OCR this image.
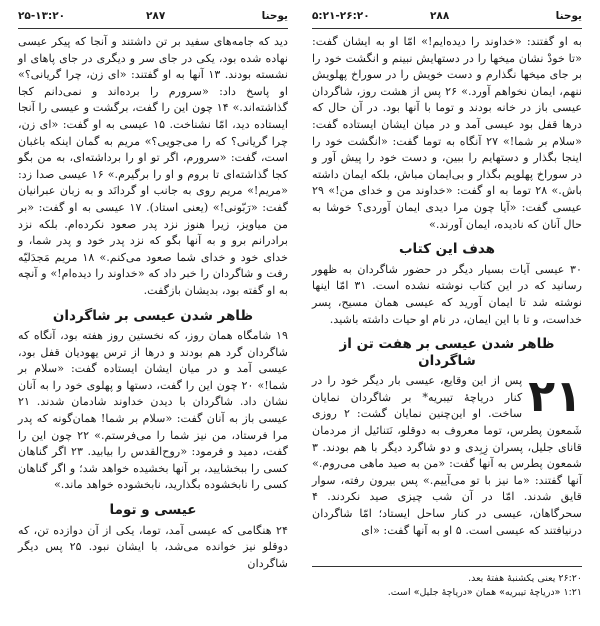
۲۵-۱۳:۲۰	۲۸۷	یوحنا

دید که جامه‌های سفید بر تن داشتند و آنجا که پیکر عیسی نهاده شده بود، یکی در جای سر و دیگری در جای پاهای او نشسته بودند. ۱۳ آنها به او گفتند: «ای زن، چرا گریانی؟» او پاسخ داد: «سرورم را برده‌اند و نمی‌دانم کجا گذاشته‌اند.» ۱۴ چون این را گفت، برگشت و عیسی را آنجا ایستاده دید، امّا نشناخت. ۱۵ عیسی به او گفت: «ای زن، چرا گریانی؟ که را می‌جویی؟» مریم به گمان اینکه باغبان است، گفت: «سرورم، اگر تو او را برداشته‌ای، به من بگو کجا گذاشته‌ای تا بروم و او را برگیرم.» ۱۶ عیسی صدا زد: «مریم!» مریم روی به جانب او گردانَد و به زبان عبرانیان گفت: «رَبّونی!» (یعنی استاد). ۱۷ عیسی به او گفت: «بر من میاویز، زیرا هنوز نزد پدر صعود نکرده‌ام. بلکه نزد برادرانم برو و به آنها بگو که نزد پدر خود و پدر شما، و خدای خود و خدای شما صعود می‌کنم.» ۱۸ مریم مَجدَلیّه رفت و شاگردان را خبر داد که «خداوند را دیده‌ام!» و آنچه به او گفته بود، بدیشان بازگفت.

ظاهر شدن عیسی بر شاگردان

۱۹ شامگاه همان روز، که نخستین روز هفته بود، آنگاه که شاگردان گرد هم بودند و درها از ترس یهودیان قفل بود، عیسی آمد و در میان ایشان ایستاده گفت: «سلام بر شما!» ۲۰ چون این را گفت، دستها و پهلوی خود را به آنان نشان داد. شاگردان با دیدن خداوند شادمان شدند. ۲۱ عیسی باز به آنان گفت: «سلام بر شما! همان‌گونه که پدر مرا فرستاد، من نیز شما را می‌فرستم.» ۲۲ چون این را گفت، دمید و فرمود: «روح‌القدس را بیابید. ۲۳ اگر گناهان کسی را ببخشایید، بر آنها بخشیده خواهد شد؛ و اگر گناهان کسی را نابخشوده بگذارید، نابخشوده خواهد ماند.»

عیسی و توما

۲۴ هنگامی که عیسی آمد، توما، یکی از آن دوازده تن، که دوقلو نیز خوانده می‌شد، با ایشان نبود. ۲۵ پس دیگر شاگردان

۵:۲۱-۲۶:۲۰	۲۸۸	یوحنا

به او گفتند: «خداوند را دیده‌ایم!» امّا او به ایشان گفت: «تا خودْ نشان میخها را در دستهایش نبینم و انگشت خود را بر جای میخها نگذارم و دست خویش را در سوراخ پهلویش ننهم، ایمان نخواهم آورد.» ۲۶ پس از هشت روز، شاگردان عیسی باز در خانه بودند و توما با آنها بود. در آن حال که درها قفل بود عیسی آمد و در میان ایشان ایستاده گفت: «سلام بر شما!» ۲۷ آنگاه به توما گفت: «انگشت خود را اینجا بگذار و دستهایم را ببین، و دست خود را پیش آور و در سوراخ پهلویم بگذار و بی‌ایمان مباش، بلکه ایمان داشته باش.» ۲۸ توما به او گفت: «خداوند من و خدای من!» ۲۹ عیسی گفت: «آیا چون مرا دیدی ایمان آوردی؟ خوشا به حال آنان که نادیده، ایمان آورند.»

هدف این کتاب

۳۰ عیسی آیات بسیار دیگر در حضور شاگردان به ظهور رسانید که در این کتاب نوشته نشده است. ۳۱ امّا اینها نوشته شد تا ایمان آورید که عیسی همان مسیح، پسر خداست، و تا با این ایمان، در نام او حیات داشته باشید.

ظاهر شدن عیسی بر هفت تن از شاگردان
۲۱

پس از این وقایع، عیسی بار دیگر خود را در کنار دریاچهٔ تیبریه* بر شاگردان نمایان ساخت. او این‌چنین نمایان گشت: ۲ روزی شَمعون پطرس، توما معروف به دوقلو، نَتنائیل از مردمان قانای جلیل، پسران زِبِدی و دو شاگرد دیگر با هم بودند. ۳ شمعون پطرس به آنها گفت: «من به صید ماهی می‌روم.» آنها گفتند: «ما نیز با تو می‌آییم.» پس بیرون رفته، سوار قایق شدند. امّا در آن شب چیزی صید نکردند. ۴ سحرگاهان، عیسی در کنار ساحل ایستاد؛ امّا شاگردان درنیافتند که عیسی است. ۵ او به آنها گفت: «ای

۲۶:۲۰ یعنی یکشنبهٔ هفتهٔ بعد.
۱:۲۱ «دریاچهٔ تیبریه» همان «دریاچهٔ جلیل» است.
